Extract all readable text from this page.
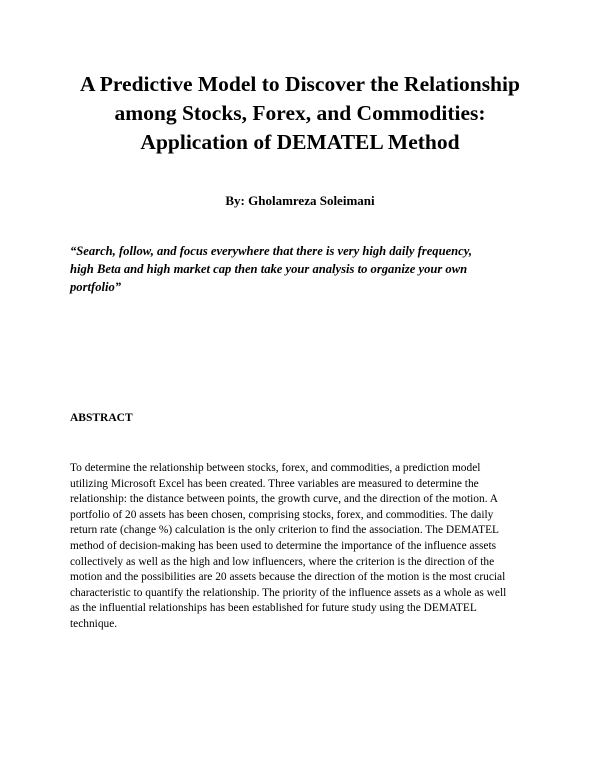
A Predictive Model to Discover the Relationship
among Stocks, Forex, and Commodities:
Application of DEMATEL Method

By: Gholamreza Soleimani

“Search, follow, and focus everywhere that there is very high daily frequency,
high Beta and high market cap then take your analysis to organize your own
portfolio”
ABSTRACT

To determine the relationship between stocks, forex, and commodities, a prediction model
utilizing Microsoft Excel has been created. Three variables are measured to determine the
relationship: the distance between points, the growth curve, and the direction of the motion. A
portfolio of 20 assets has been chosen, comprising stocks, forex, and commodities. The daily
return rate (change %) calculation is the only criterion to find the association. The DEMATEL
method of decision-making has been used to determine the importance of the influence assets
collectively as well as the high and low influencers, where the criterion is the direction of the
motion and the possibilities are 20 assets because the direction of the motion is the most crucial
characteristic to quantify the relationship. The priority of the influence assets as a whole as well
as the influential relationships has been established for future study using the DEMATEL
technique.
